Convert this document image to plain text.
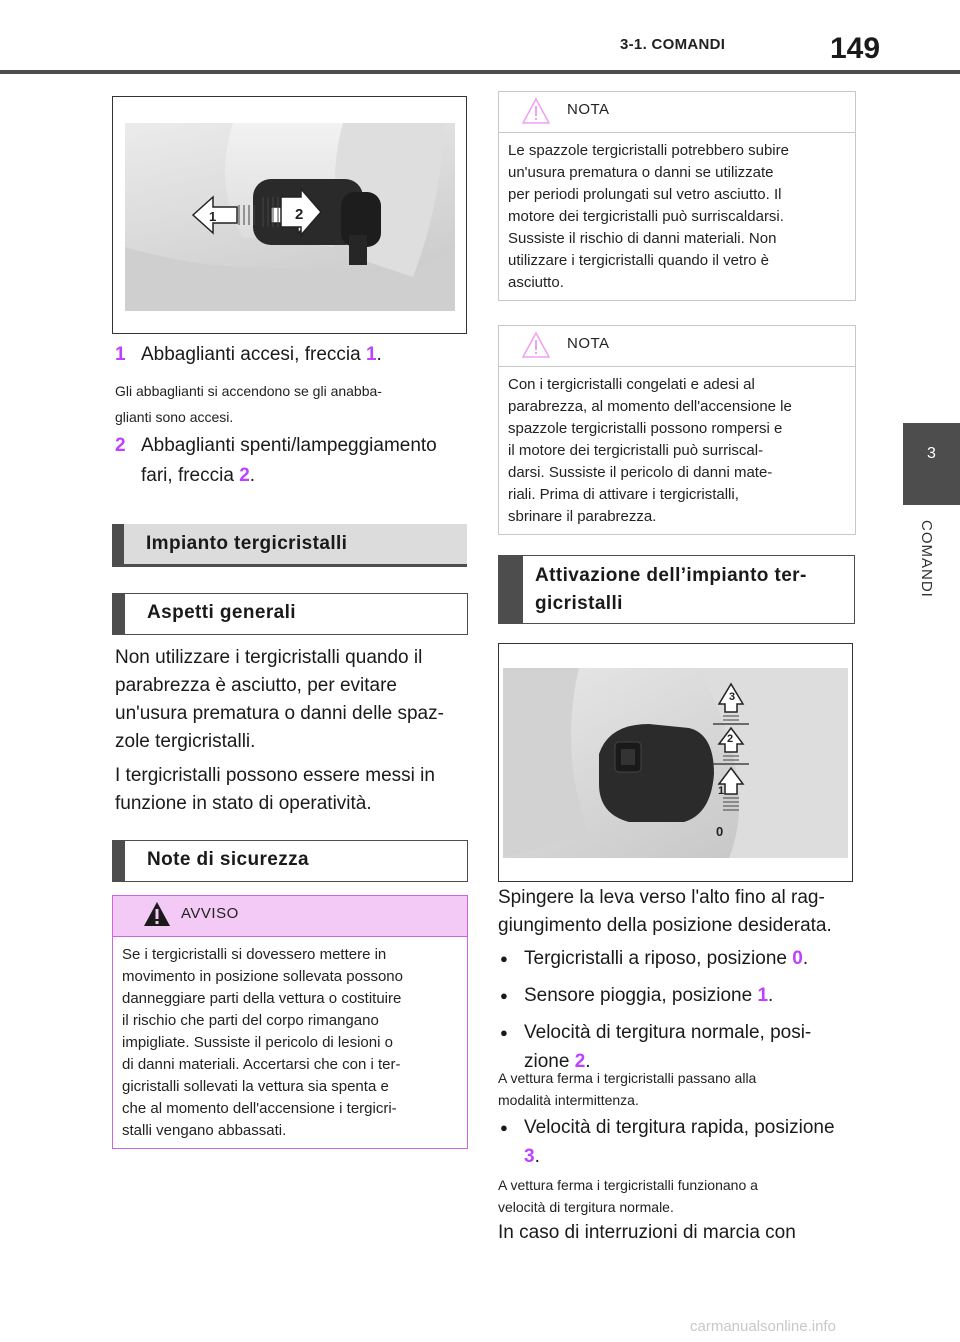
3-1. COMANDI	149
3
COMANDI
1	2
1 Abbaglianti accesi, freccia 1.
Gli abbaglianti si accendono se gli anabba-
glianti sono accesi.
2 Abbaglianti spenti/lampeggiamento
fari, freccia 2.
Impianto tergicristalli
Aspetti generali
Non utilizzare i tergicristalli quando il
parabrezza è asciutto, per evitare
un'usura prematura o danni delle spaz-
zole tergicristalli.
I tergicristalli possono essere messi in
funzione in stato di operatività.
Note di sicurezza
AVVISO
Se i tergicristalli si dovessero mettere in
movimento in posizione sollevata possono
danneggiare parti della vettura o costituire
il rischio che parti del corpo rimangano
impigliate. Sussiste il pericolo di lesioni o
di danni materiali. Accertarsi che con i ter-
gicristalli sollevati la vettura sia spenta e
che al momento dell'accensione i tergicri-
stalli vengano abbassati.
NOTA
Le spazzole tergicristalli potrebbero subire
un'usura prematura o danni se utilizzate
per periodi prolungati sul vetro asciutto. Il
motore dei tergicristalli può surriscaldarsi.
Sussiste il rischio di danni materiali. Non
utilizzare i tergicristalli quando il vetro è
asciutto.
NOTA
Con i tergicristalli congelati e adesi al
parabrezza, al momento dell'accensione le
spazzole tergicristalli possono rompersi e
il motore dei tergicristalli può surriscal-
darsi. Sussiste il pericolo di danni mate-
riali. Prima di attivare i tergicristalli,
sbrinare il parabrezza.
Attivazione dell’impianto ter-
gicristalli
3
2
1
0
Spingere la leva verso l'alto fino al rag-
giungimento della posizione desiderata.
● Tergicristalli a riposo, posizione 0.
● Sensore pioggia, posizione 1.
● Velocità di tergitura normale, posi-
zione 2.
A vettura ferma i tergicristalli passano alla
modalità intermittenza.
● Velocità di tergitura rapida, posizione
3.
A vettura ferma i tergicristalli funzionano a
velocità di tergitura normale.
In caso di interruzioni di marcia con
carmanualsonline.info
